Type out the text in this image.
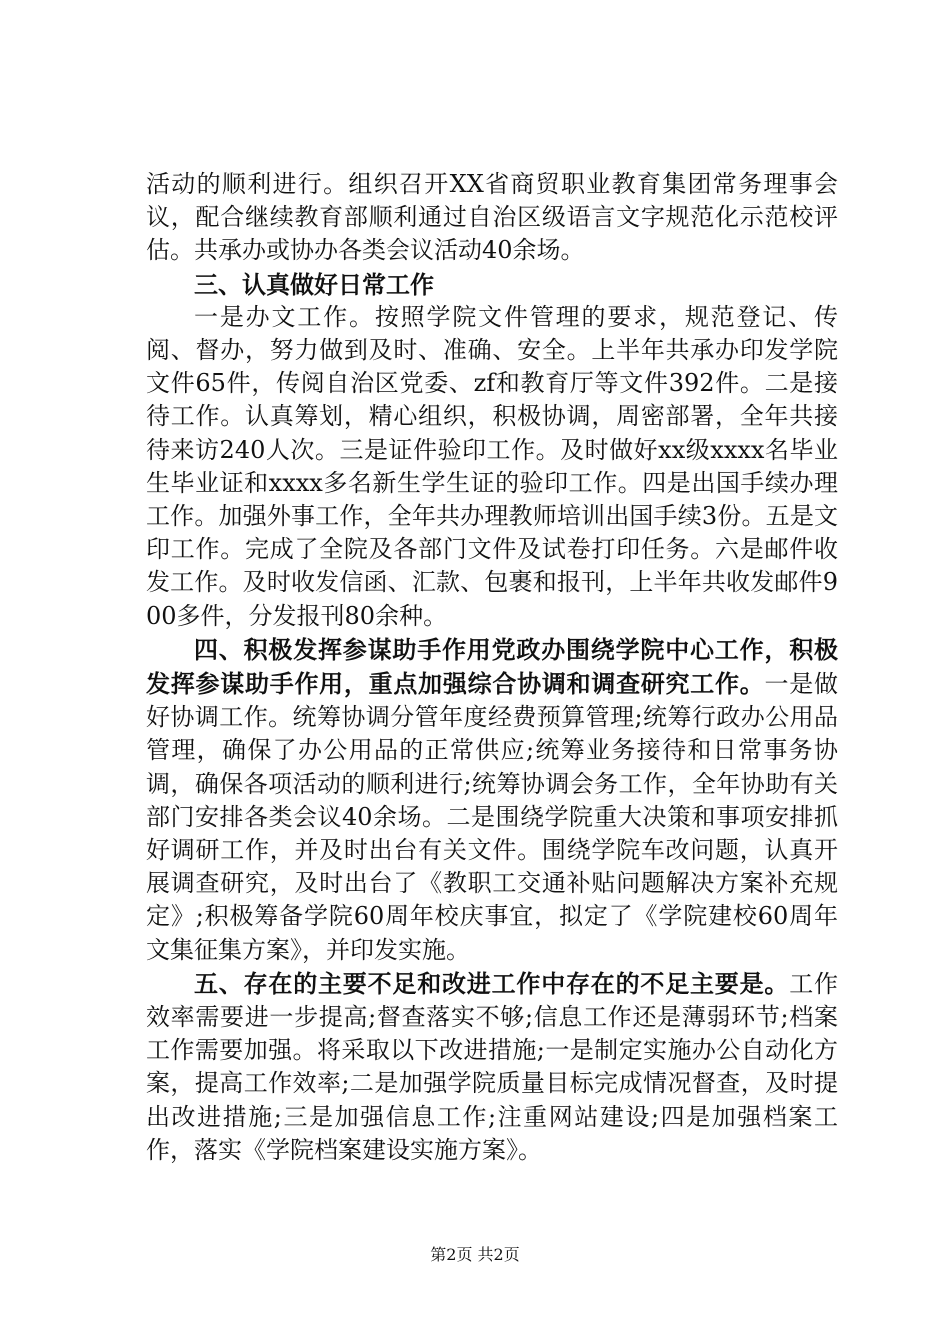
活动的顺利进行。组织召开XX省商贸职业教育集团常务理事会议，配合继续教育部顺利通过自治区级语言文字规范化示范校评估。共承办或协办各类会议活动40余场。

三、认真做好日常工作

一是办文工作。按照学院文件管理的要求，规范登记、传阅、督办，努力做到及时、准确、安全。上半年共承办印发学院文件65件，传阅自治区党委、zf和教育厅等文件392件。二是接待工作。认真筹划，精心组织，积极协调，周密部署，全年共接待来访240人次。三是证件验印工作。及时做好xx级xxxx名毕业生毕业证和xxxx多名新生学生证的验印工作。四是出国手续办理工作。加强外事工作，全年共办理教师培训出国手续3份。五是文印工作。完成了全院及各部门文件及试卷打印任务。六是邮件收发工作。及时收发信函、汇款、包裹和报刊，上半年共收发邮件900多件，分发报刊80余种。

四、积极发挥参谋助手作用党政办围绕学院中心工作，积极发挥参谋助手作用，重点加强综合协调和调查研究工作。一是做好协调工作。统筹协调分管年度经费预算管理;统筹行政办公用品管理，确保了办公用品的正常供应;统筹业务接待和日常事务协调，确保各项活动的顺利进行;统筹协调会务工作，全年协助有关部门安排各类会议40余场。二是围绕学院重大决策和事项安排抓好调研工作，并及时出台有关文件。围绕学院车改问题，认真开展调查研究，及时出台了《教职工交通补贴问题解决方案补充规定》;积极筹备学院60周年校庆事宜，拟定了《学院建校60周年文集征集方案》，并印发实施。

五、存在的主要不足和改进工作中存在的不足主要是。工作效率需要进一步提高;督查落实不够;信息工作还是薄弱环节;档案工作需要加强。将采取以下改进措施;一是制定实施办公自动化方案，提高工作效率;二是加强学院质量目标完成情况督查，及时提出改进措施;三是加强信息工作;注重网站建设;四是加强档案工作，落实《学院档案建设实施方案》。

第2页 共2页
